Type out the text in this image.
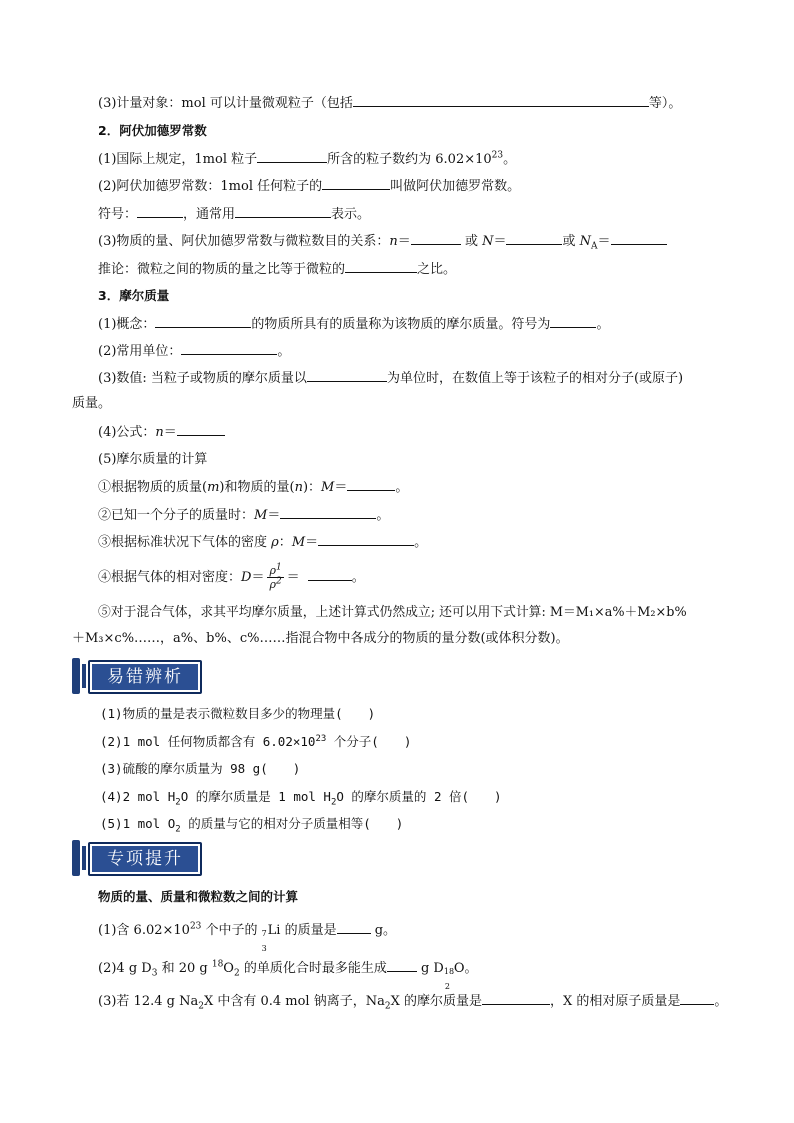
(3)计量对象：mol 可以计量微观粒子（包括	等）。
2．阿伏加德罗常数
(1)国际上规定，1mol 粒子	所含的粒子数约为 $6.02\times 10^{23}$。
(2)阿伏加德罗常数：1mol 任何粒子的	叫做阿伏加德罗常数。
符号：	，通常用	表示。
(3)物质的量、阿伏加德罗常数与微粒数目的关系：n＝	或 N＝	或 $N_A=$
推论：微粒之间的物质的量之比等于微粒的	之比。
3．摩尔质量
(1)概念：	的物质所具有的质量称为该物质的摩尔质量。符号为	。
(2)常用单位：	。
(3)数值: 当粒子或物质的摩尔质量以	为单位时，在数值上等于该粒子的相对分子(或原子)
质量。
(4)公式：n＝
(5)摩尔质量的计算
①根据物质的质量(m)和物质的量(n)：M＝	。
②已知一个分子的质量时：M＝	。
③根据标准状况下气体的密度 ρ：M＝	。
④根据气体的相对密度：$D= \frac{\rho^1}{\rho^2}$ ＝	。
⑤对于混合气体，求其平均摩尔质量，上述计算式仍然成立; 还可以用下式计算: M＝M₁×a%＋M₂×b%
＋M₃×c%……，a%、b%、c%……指混合物中各成分的物质的量分数(或体积分数)。
易错辨析
(1)物质的量是表示微粒数目多少的物理量(　　)
(2)1 mol 任何物质都含有 $6.02\times 10^{23}$ 个分子(　　)
(3)硫酸的摩尔质量为 98 g(　　)
(4)2 mol $H_2O$ 的摩尔质量是 1 mol $H_2O$ 的摩尔质量的 2 倍(　　)
(5)1 mol $O_2$ 的质量与它的相对分子质量相等(　　)
专项提升
物质的量、质量和微粒数之间的计算
(1)含 $6.02\times 10^{23}$ 个中子的 7
3
Li 的质量是	g。
(2)4 g $D_3$ 和 20 g $^{18}O_2$ 的单质化合时最多能生成 g D 18
2
O。
(3)若 12.4 g $Na_2X$ 中含有 0.4 mol 钠离子，$Na_2X$ 的摩尔质量是	，X 的相对原子质量是	。
